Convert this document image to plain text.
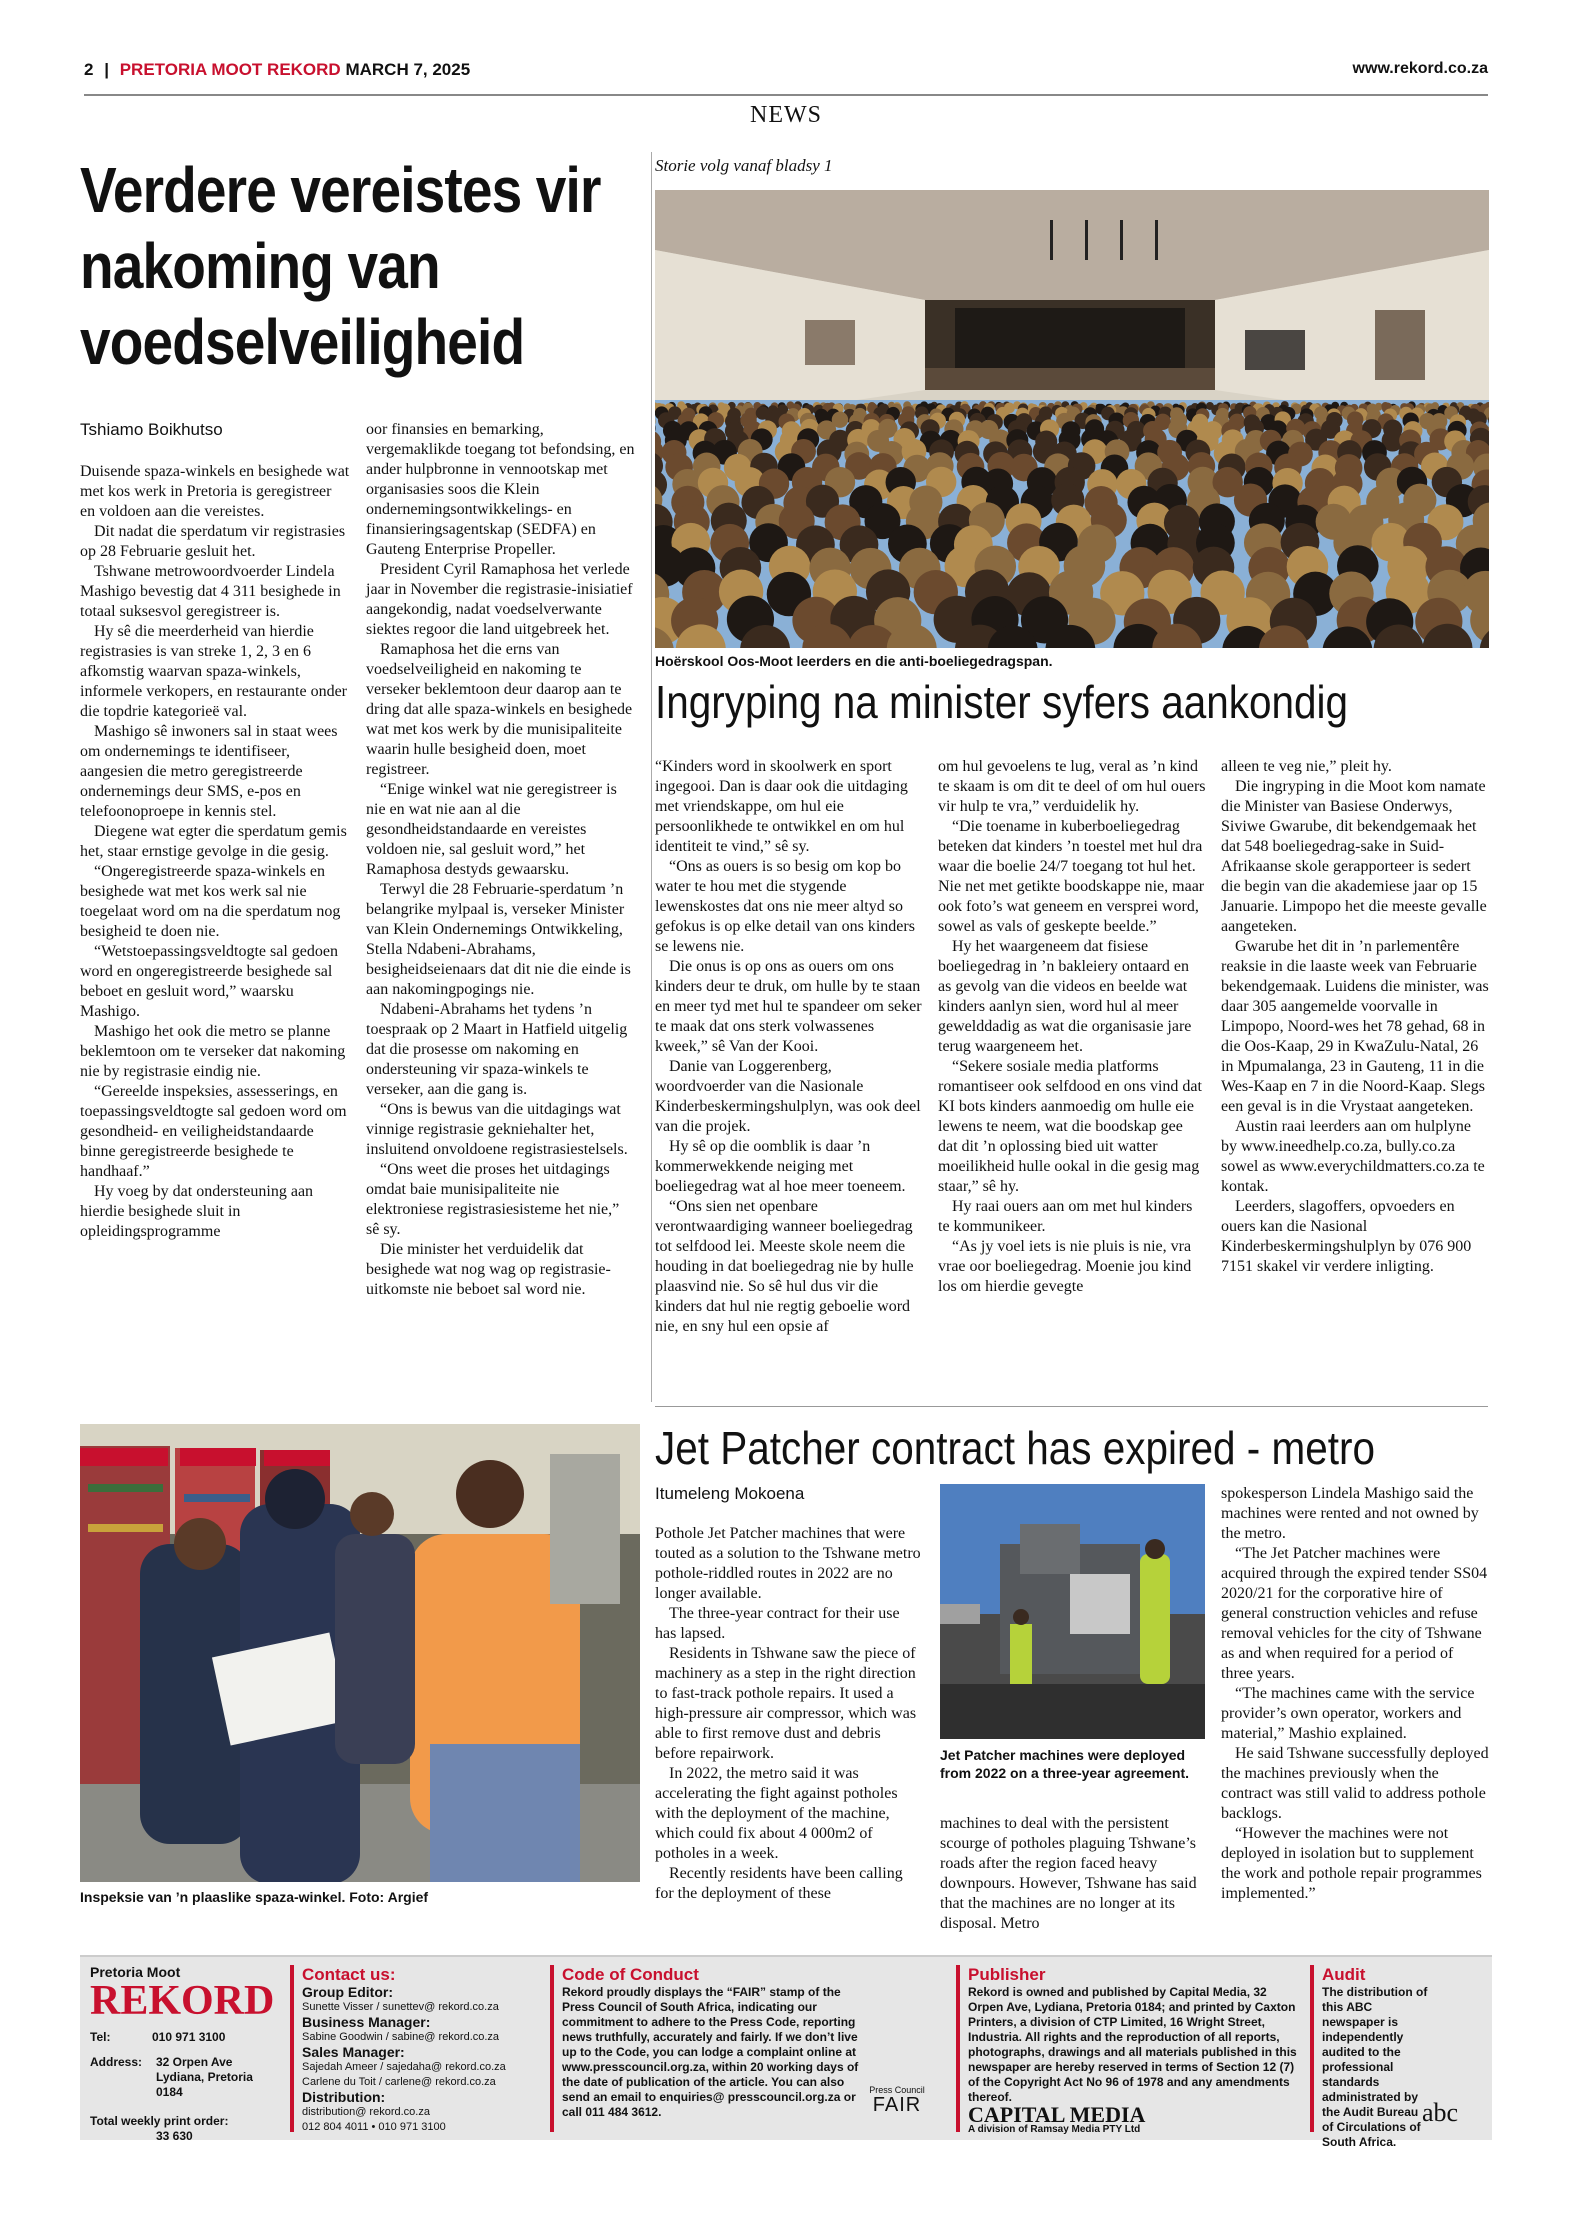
2 | PRETORIA MOOT REKORD MARCH 7, 2025	www.rekord.co.za
NEWS
Verdere vereistes vir nakoming van voedselveiligheid
Tshiamo Boikhutso

Duisende spaza-winkels en besighede wat met kos werk in Pretoria is geregistreer en voldoen aan die vereistes.

Dit nadat die sperdatum vir registrasies op 28 Februarie gesluit het.

Tshwane metrowoordvoerder Lindela Mashigo bevestig dat 4 311 besighede in totaal suksesvol geregistreer is.

Hy sê die meerderheid van hierdie registrasies is van streke 1, 2, 3 en 6 afkomstig waarvan spaza-winkels, informele verkopers, en restaurante onder die topdrie kategorieë val.

Mashigo sê inwoners sal in staat wees om ondernemings te identifiseer, aangesien die metro geregistreerde ondernemings deur SMS, e-pos en telefoonoproepe in kennis stel.

Diegene wat egter die sperdatum gemis het, staar ernstige gevolge in die gesig.

“Ongeregistreerde spaza-winkels en besighede wat met kos werk sal nie toegelaat word om na die sperdatum nog besigheid te doen nie.

“Wetstoepassingsveldtogte sal gedoen word en ongeregistreerde besighede sal beboet en gesluit word,” waarsku Mashigo.

Mashigo het ook die metro se planne beklemtoon om te verseker dat nakoming nie by registrasie eindig nie.

“Gereelde inspeksies, assesserings, en toepassingsveldtogte sal gedoen word om gesondheid- en veiligheidstandaarde binne geregistreerde besighede te handhaaf.”

Hy voeg by dat ondersteuning aan hierdie besighede sluit in opleidingsprogramme

oor finansies en bemarking, vergemaklikde toegang tot befondsing, en ander hulpbronne in vennootskap met organisasies soos die Klein ondernemingsontwikkelings- en finansieringsagentskap (SEDFA) en Gauteng Enterprise Propeller.

President Cyril Ramaphosa het verlede jaar in November die registrasie-inisiatief aangekondig, nadat voedselverwante siektes regoor die land uitgebreek het.

Ramaphosa het die erns van voedselveiligheid en nakoming te verseker beklemtoon deur daarop aan te dring dat alle spaza-winkels en besighede wat met kos werk by die munisipaliteite waarin hulle besigheid doen, moet registreer.

“Enige winkel wat nie geregistreer is nie en wat nie aan al die gesondheidstandaarde en vereistes voldoen nie, sal gesluit word,” het Ramaphosa destyds gewaarsku.

Terwyl die 28 Februarie-sperdatum ’n belangrike mylpaal is, verseker Minister van Klein Ondernemings Ontwikkeling, Stella Ndabeni-Abrahams, besigheidseienaars dat dit nie die einde is aan nakomingpogings nie.

Ndabeni-Abrahams het tydens ’n toespraak op 2 Maart in Hatfield uitgelig dat die prosesse om nakoming en ondersteuning vir spaza-winkels te verseker, aan die gang is.

“Ons is bewus van die uitdagings wat vinnige registrasie gekniehalter het, insluitend onvoldoene registrasiestelsels.

“Ons weet die proses het uitdagings omdat baie munisipaliteite nie elektroniese registrasiesisteme het nie,” sê sy.

Die minister het verduidelik dat besighede wat nog wag op registrasie-uitkomste nie beboet sal word nie.

Inspeksie van ’n plaaslike spaza-winkel. Foto: Argief
Storie volg vanaf bladsy 1
Hoërskool Oos-Moot leerders en die anti-boeliegedragspan.
Ingryping na minister syfers aankondig

“Kinders word in skoolwerk en sport ingegooi. Dan is daar ook die uitdaging met vriendskappe, om hul eie persoonlikhede te ontwikkel en om hul identiteit te vind,” sê sy.

“Ons as ouers is so besig om kop bo water te hou met die stygende lewenskostes dat ons nie meer altyd so gefokus is op elke detail van ons kinders se lewens nie.

Die onus is op ons as ouers om ons kinders deur te druk, om hulle by te staan en meer tyd met hul te spandeer om seker te maak dat ons sterk volwassenes kweek,” sê Van der Kooi.

Danie van Loggerenberg, woordvoerder van die Nasionale Kinderbeskermingshulplyn, was ook deel van die projek.

Hy sê op die oomblik is daar ’n kommerwekkende neiging met boeliegedrag wat al hoe meer toeneem.

“Ons sien net openbare verontwaardiging wanneer boeliegedrag tot selfdood lei. Meeste skole neem die houding in dat boeliegedrag nie by hulle plaasvind nie. So sê hul dus vir die kinders dat hul nie regtig geboelie word nie, en sny hul een opsie af

om hul gevoelens te lug, veral as ’n kind te skaam is om dit te deel of om hul ouers vir hulp te vra,” verduidelik hy.

“Die toename in kuberboeliegedrag beteken dat kinders ’n toestel met hul dra waar die boelie 24/7 toegang tot hul het. Nie net met getikte boodskappe nie, maar ook foto’s wat geneem en versprei word, sowel as vals of geskepte beelde.”

Hy het waargeneem dat fisiese boeliegedrag in ’n bakleiery ontaard en as gevolg van die videos en beelde wat kinders aanlyn sien, word hul al meer gewelddadig as wat die organisasie jare terug waargeneem het.

“Sekere sosiale media platforms romantiseer ook selfdood en ons vind dat KI bots kinders aanmoedig om hulle eie lewens te neem, wat die boodskap gee dat dit ’n oplossing bied uit watter moeilikheid hulle ookal in die gesig mag staar,” sê hy.

Hy raai ouers aan om met hul kinders te kommunikeer.

“As jy voel iets is nie pluis is nie, vra vrae oor boeliegedrag. Moenie jou kind los om hierdie gevegte

alleen te veg nie,” pleit hy.

Die ingryping in die Moot kom namate die Minister van Basiese Onderwys, Siviwe Gwarube, dit bekendgemaak het dat 548 boeliegedrag-sake in Suid-Afrikaanse skole gerapporteer is sedert die begin van die akademiese jaar op 15 Januarie. Limpopo het die meeste gevalle aangeteken.

Gwarube het dit in ’n parlementêre reaksie in die laaste week van Februarie bekendgemaak. Luidens die minister, was daar 305 aangemelde voorvalle in Limpopo, Noord-wes het 78 gehad, 68 in die Oos-Kaap, 29 in KwaZulu-Natal, 26 in Mpumalanga, 23 in Gauteng, 11 in die Wes-Kaap en 7 in die Noord-Kaap. Slegs een geval is in die Vrystaat aangeteken.

Austin raai leerders aan om hulplyne by www.ineedhelp.co.za, bully.co.za sowel as www.everychildmatters.co.za te kontak.

Leerders, slagoffers, opvoeders en ouers kan die Nasional Kinderbeskermingshulplyn by 076 900 7151 skakel vir verdere inligting.

Jet Patcher contract has expired - metro
Itumeleng Mokoena

Pothole Jet Patcher machines that were touted as a solution to the Tshwane metro pothole-riddled routes in 2022 are no longer available.

The three-year contract for their use has lapsed.

Residents in Tshwane saw the piece of machinery as a step in the right direction to fast-track pothole repairs. It used a high-pressure air compressor, which was able to first remove dust and debris before repairwork.

In 2022, the metro said it was accelerating the fight against potholes with the deployment of the machine, which could fix about 4 000m2 of potholes in a week.

Recently residents have been calling for the deployment of these

Jet Patcher machines were deployed from 2022 on a three-year agreement.

machines to deal with the persistent scourge of potholes plaguing Tshwane’s roads after the region faced heavy downpours. However, Tshwane has said that the machines are no longer at its disposal. Metro

spokesperson Lindela Mashigo said the machines were rented and not owned by the metro.

“The Jet Patcher machines were acquired through the expired tender SS04 2020/21 for the corporative hire of general construction vehicles and refuse removal vehicles for the city of Tshwane as and when required for a period of three years.

“The machines came with the service provider’s own operator, workers and material,” Mashio explained.

He said Tshwane successfully deployed the machines previously when the contract was still valid to address pothole backlogs.

“However the machines were not deployed in isolation but to supplement the work and pothole repair programmes implemented.”

Pretoria Moot
REKORD
Tel:	010 971 3100
Address:	32 Orpen Ave Lydiana, Pretoria 0184
Total weekly print order:
33 630
Contact us:
Group Editor:
Sunette Visser / sunettev@ rekord.co.za
Business Manager:
Sabine Goodwin / sabine@ rekord.co.za
Sales Manager:
Sajedah Ameer / sajedaha@ rekord.co.za
Carlene du Toit / carlene@ rekord.co.za
Distribution:
distribution@ rekord.co.za
012 804 4011 • 010 971 3100
Code of Conduct
Rekord proudly displays the “FAIR” stamp of the Press Council of South Africa, indicating our commitment to adhere to the Press Code, reporting news truthfully, accurately and fairly. If we don’t live up to the Code, you can lodge a complaint online at www.presscouncil.org.za, within 20 working days of the date of publication of the article. You can also send an email to enquiries@ presscouncil.org.za or call 011 484 3612.
Press Council
FAIR
Publisher
Rekord is owned and published by Capital Media, 32 Orpen Ave, Lydiana, Pretoria 0184; and printed by Caxton Printers, a division of CTP Limited, 16 Wright Street, Industria. All rights and the reproduction of all reports, photographs, drawings and all materials published in this newspaper are hereby reserved in terms of Section 12 (7) of the Copyright Act No 96 of 1978 and any amendments thereof.
CAPITAL MEDIA
A division of Ramsay Media PTY Ltd
Audit
The distribution of this ABC newspaper is independently audited to the professional standards administrated by the Audit Bureau of Circulations of South Africa.
abc
